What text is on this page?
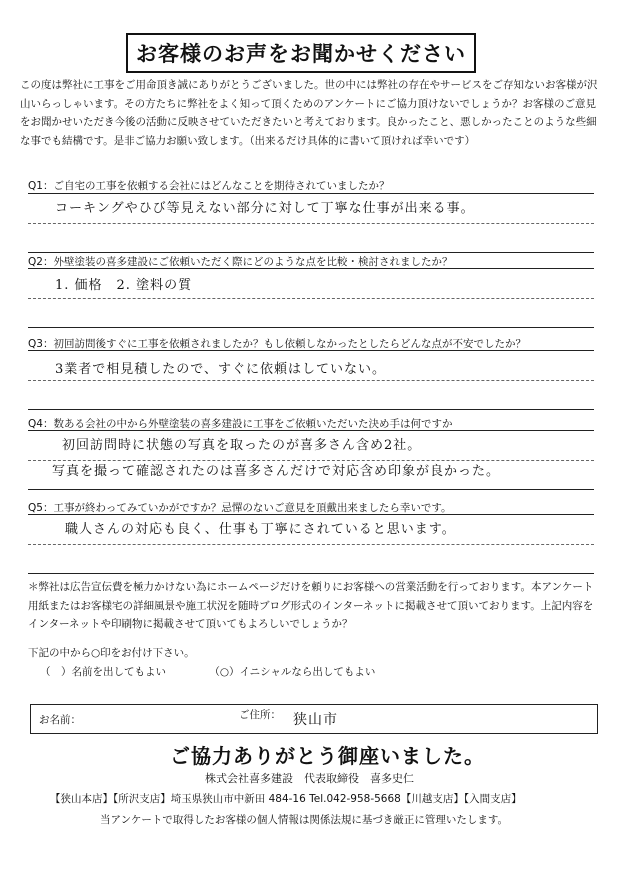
お客様のお声をお聞かせください
この度は弊社に工事をご用命頂き誠にありがとうございました。世の中には弊社の存在やサービスをご存知ないお客様が沢山いらっしゃいます。その方たちに弊社をよく知って頂くためのアンケートにご協力頂けないでしょうか？お客様のご意見をお聞かせいただき今後の活動に反映させていただきたいと考えております。良かったこと、悪しかったことのような些細な事でも結構です。是非ご協力お願い致します。（出来るだけ具体的に書いて頂ければ幸いです）
Q1：ご自宅の工事を依頼する会社にはどんなことを期待されていましたか？
コーキングやひび等見えない部分に対して丁寧な仕事が出来る事。
Q2：外壁塗装の喜多建設にご依頼いただく際にどのような点を比較・検討されましたか？
1. 価格　2. 塗料の質
Q3：初回訪問後すぐに工事を依頼されましたか？もし依頼しなかったとしたらどんな点が不安でしたか？
3業者で相見積したので、すぐに依頼はしていない。
Q4：数ある会社の中から外壁塗装の喜多建設に工事をご依頼いただいた決め手は何ですか
初回訪問時に状態の写真を取ったのが喜多さん含め2社。
写真を撮って確認されたのは喜多さんだけで対応含め印象が良かった。
Q5：工事が終わってみていかがですか？忌憚のないご意見を頂戴出来ましたら幸いです。
職人さんの対応も良く、仕事も丁寧にされていると思います。
＊弊社は広告宣伝費を極力かけない為にホームページだけを頼りにお客様への営業活動を行っております。本アンケート用紙またはお客様宅の詳細風景や施工状況を随時ブログ形式のインターネットに掲載させて頂いております。上記内容をインターネットや印刷物に掲載させて頂いてもよろしいでしょうか？
下記の中から○印をお付け下さい。
（　）名前を出してもよい	（○）イニシャルなら出してもよい
お名前：	ご住所： 狭山市
ご協力ありがとう御座いました。
株式会社喜多建設　代表取締役　喜多史仁
【狭山本店】【所沢支店】埼玉県狭山市中新田 484-16 Tel.042-958-5668【川越支店】【入間支店】
当アンケートで取得したお客様の個人情報は関係法規に基づき厳正に管理いたします。
